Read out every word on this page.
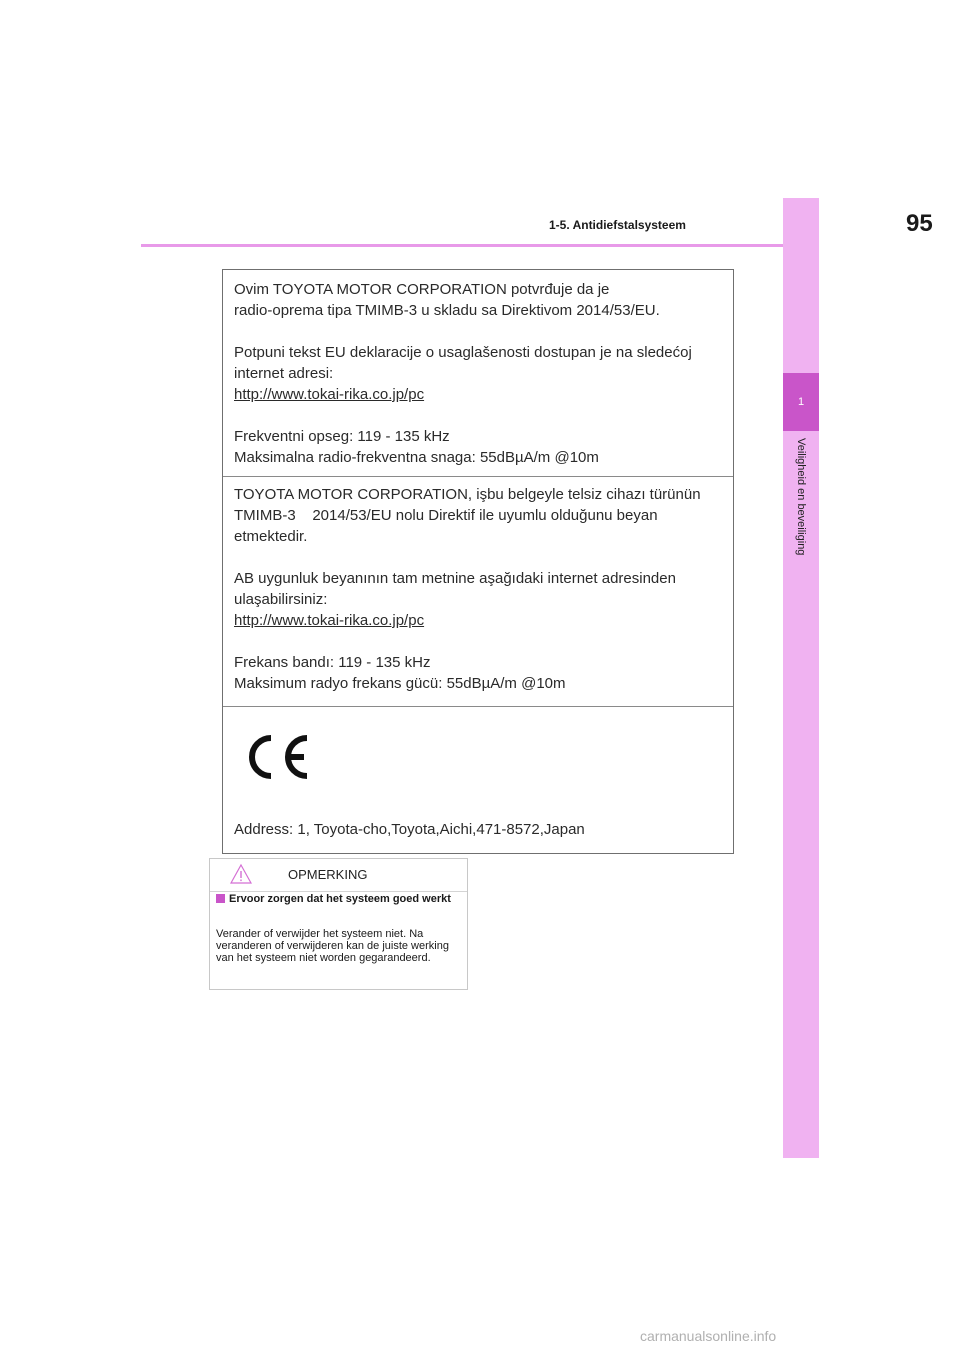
1-5. Antidiefstalsysteem	95
1
Veiligheid en beveiliging
Ovim TOYOTA MOTOR CORPORATION potvrđuje da je
radio-oprema tipa TMIMB-3 u skladu sa Direktivom 2014/53/EU.

Potpuni tekst EU deklaracije o usaglašenosti dostupan je na sledećoj
internet adresi:
http://www.tokai-rika.co.jp/pc

Frekventni opseg: 119 - 135 kHz
Maksimalna radio-frekventna snaga: 55dBµA/m @10m
TOYOTA MOTOR CORPORATION, işbu belgeyle telsiz cihazı türünün
TMIMB-3    2014/53/EU nolu Direktif ile uyumlu olduğunu beyan
etmektedir.

AB uygunluk beyanının tam metnine aşağıdaki internet adresinden
ulaşabilirsiniz:
http://www.tokai-rika.co.jp/pc

Frekans bandı: 119 - 135 kHz
Maksimum radyo frekans gücü: 55dBµA/m @10m
Address: 1, Toyota-cho,Toyota,Aichi,471-8572,Japan
OPMERKING
Ervoor zorgen dat het systeem goed werkt
Verander of verwijder het systeem niet. Na veranderen of verwijderen kan de juiste werking van het systeem niet worden gegarandeerd.
carmanualsonline.info
